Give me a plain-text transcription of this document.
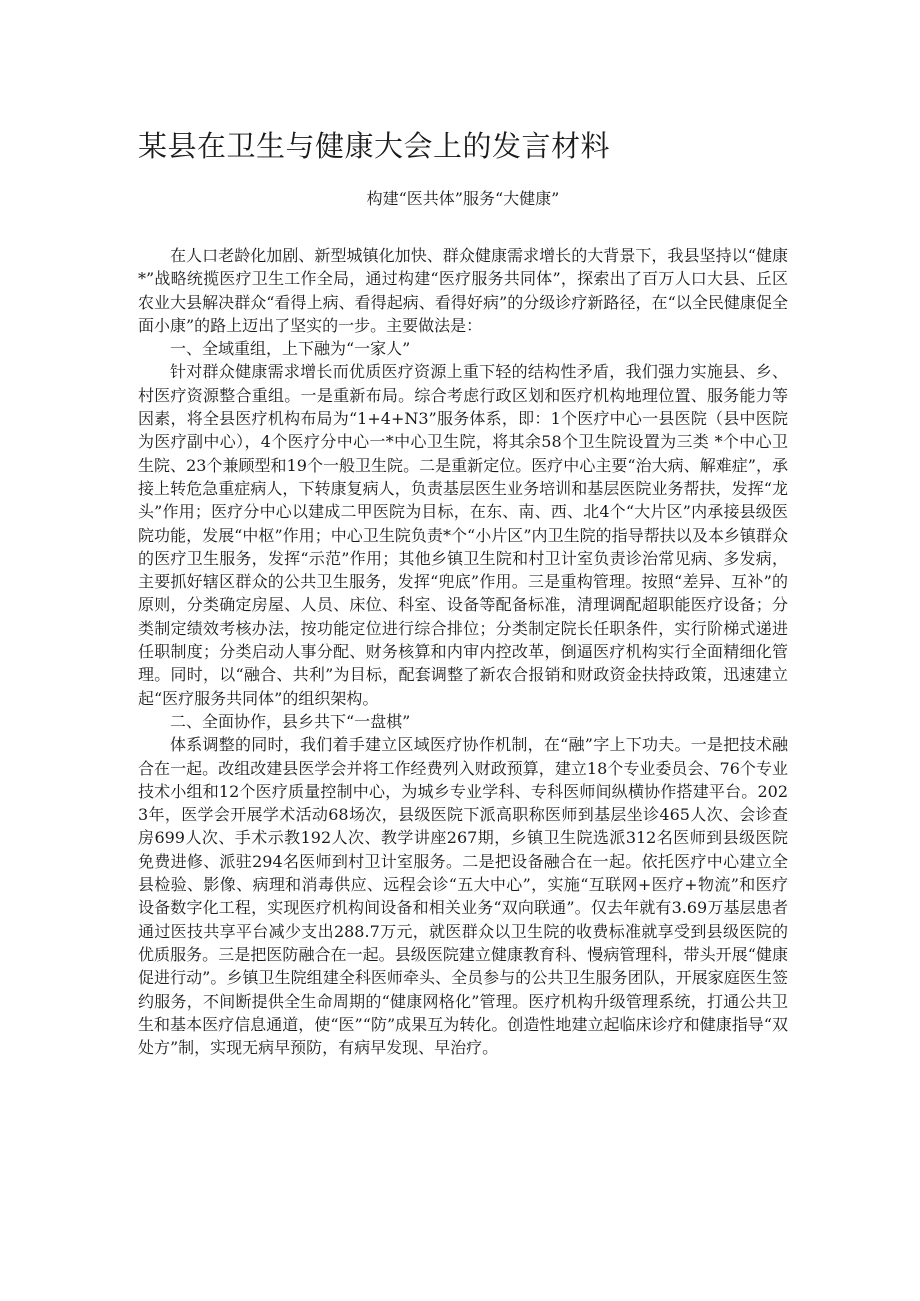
某县在卫生与健康大会上的发言材料
构建“医共体”服务“大健康”

在人口老龄化加剧、新型城镇化加快、群众健康需求增长的大背景下，我县坚持以“健康*”战略统揽医疗卫生工作全局，通过构建“医疗服务共同体”，探索出了百万人口大县、丘区农业大县解决群众“看得上病、看得起病、看得好病”的分级诊疗新路径，在“以全民健康促全面小康”的路上迈出了坚实的一步。主要做法是：

一、全域重组，上下融为“一家人”

针对群众健康需求增长而优质医疗资源上重下轻的结构性矛盾，我们强力实施县、乡、村医疗资源整合重组。一是重新布局。综合考虑行政区划和医疗机构地理位置、服务能力等因素，将全县医疗机构布局为“1+4+N3”服务体系，即：1个医疗中心一县医院（县中医院为医疗副中心），4个医疗分中心一*中心卫生院，将其余58个卫生院设置为三类 *个中心卫生院、23个兼顾型和19个一般卫生院。二是重新定位。医疗中心主要“治大病、解难症”，承接上转危急重症病人，下转康复病人，负责基层医生业务培训和基层医院业务帮扶，发挥“龙头”作用；医疗分中心以建成二甲医院为目标，在东、南、西、北4个“大片区”内承接县级医院功能，发展“中枢”作用；中心卫生院负责*个“小片区”内卫生院的指导帮扶以及本乡镇群众的医疗卫生服务，发挥“示范”作用；其他乡镇卫生院和村卫计室负责诊治常见病、多发病，主要抓好辖区群众的公共卫生服务，发挥“兜底”作用。三是重构管理。按照“差异、互补”的原则，分类确定房屋、人员、床位、科室、设备等配备标准，清理调配超职能医疗设备；分类制定绩效考核办法，按功能定位进行综合排位；分类制定院长任职条件，实行阶梯式递进任职制度；分类启动人事分配、财务核算和内审内控改革，倒逼医疗机构实行全面精细化管理。同时，以“融合、共利”为目标，配套调整了新农合报销和财政资金扶持政策，迅速建立起“医疗服务共同体”的组织架构。

二、全面协作，县乡共下“一盘棋”

体系调整的同时，我们着手建立区域医疗协作机制，在“融”字上下功夫。一是把技术融合在一起。改组改建县医学会并将工作经费列入财政预算，建立18个专业委员会、76个专业技术小组和12个医疗质量控制中心，为城乡专业学科、专科医师间纵横协作搭建平台。2023年，医学会开展学术活动68场次，县级医院下派高职称医师到基层坐诊465人次、会诊查房699人次、手术示教192人次、教学讲座267期，乡镇卫生院选派312名医师到县级医院免费进修、派驻294名医师到村卫计室服务。二是把设备融合在一起。依托医疗中心建立全县检验、影像、病理和消毒供应、远程会诊“五大中心”，实施“互联网+医疗+物流”和医疗设备数字化工程，实现医疗机构间设备和相关业务“双向联通”。仅去年就有3.69万基层患者通过医技共享平台减少支出288.7万元，就医群众以卫生院的收费标准就享受到县级医院的优质服务。三是把医防融合在一起。县级医院建立健康教育科、慢病管理科，带头开展“健康促进行动”。乡镇卫生院组建全科医师牵头、全员参与的公共卫生服务团队，开展家庭医生签约服务，不间断提供全生命周期的“健康网格化”管理。医疗机构升级管理系统，打通公共卫生和基本医疗信息通道，使“医”“防”成果互为转化。创造性地建立起临床诊疗和健康指导“双处方”制，实现无病早预防，有病早发现、早治疗。
